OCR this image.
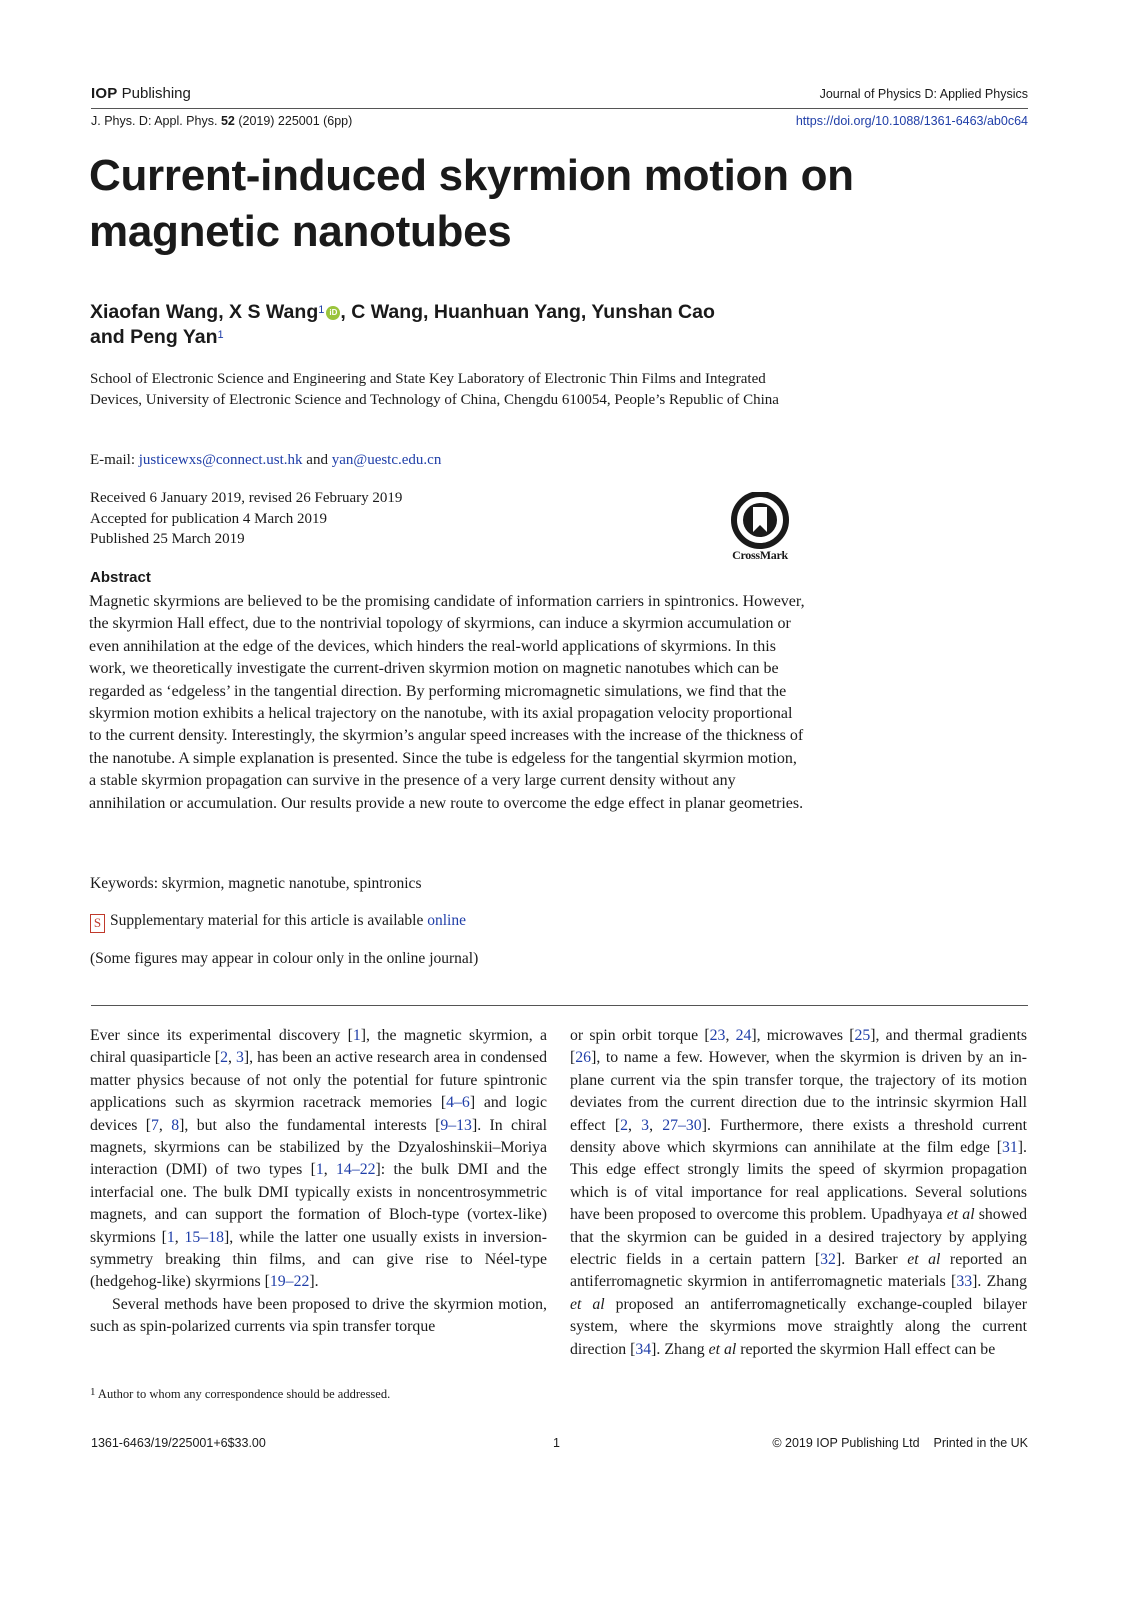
IOP Publishing	Journal of Physics D: Applied Physics
J. Phys. D: Appl. Phys. 52 (2019) 225001 (6pp)	https://doi.org/10.1088/1361-6463/ab0c64
Current-induced skyrmion motion on magnetic nanotubes
Xiaofan Wang, X S Wang$^1$ iD , C Wang, Huanhuan Yang, Yunshan Cao
and Peng Yan$^1$
School of Electronic Science and Engineering and State Key Laboratory of Electronic Thin Films and Integrated Devices, University of Electronic Science and Technology of China, Chengdu 610054, People’s Republic of China
E-mail: justicewxs@connect.ust.hk and yan@uestc.edu.cn
Received 6 January 2019, revised 26 February 2019
Accepted for publication 4 March 2019
Published 25 March 2019
CrossMark
Abstract
Magnetic skyrmions are believed to be the promising candidate of information carriers in spintronics. However, the skyrmion Hall effect, due to the nontrivial topology of skyrmions, can induce a skyrmion accumulation or even annihilation at the edge of the devices, which hinders the real-world applications of skyrmions. In this work, we theoretically investigate the current-driven skyrmion motion on magnetic nanotubes which can be regarded as ‘edgeless’ in the tangential direction. By performing micromagnetic simulations, we find that the skyrmion motion exhibits a helical trajectory on the nanotube, with its axial propagation velocity proportional to the current density. Interestingly, the skyrmion’s angular speed increases with the increase of the thickness of the nanotube. A simple explanation is presented. Since the tube is edgeless for the tangential skyrmion motion, a stable skyrmion propagation can survive in the presence of a very large current density without any annihilation or accumulation. Our results provide a new route to overcome the edge effect in planar geometries.
Keywords: skyrmion, magnetic nanotube, spintronics
S Supplementary material for this article is available online
(Some figures may appear in colour only in the online journal)

Ever since its experimental discovery [1], the magnetic skyrmion, a chiral quasiparticle [2, 3], has been an active research area in condensed matter physics because of not only the potential for future spintronic applications such as skyrmion racetrack memories [4–6] and logic devices [7, 8], but also the fundamental interests [9–13]. In chiral magnets, skyrmions can be stabilized by the Dzyaloshinskii–Moriya interaction (DMI) of two types [1, 14–22]: the bulk DMI and the interfacial one. The bulk DMI typically exists in noncentrosymmetric magnets, and can support the formation of Bloch-type (vortex-like) skyrmions [1, 15–18], while the latter one usually exists in inversion-symmetry breaking thin films, and can give rise to Néel-type (hedgehog-like) skyrmions [19–22].

Several methods have been proposed to drive the skyrmion motion, such as spin-polarized currents via spin transfer torque

or spin orbit torque [23, 24], microwaves [25], and thermal gradients [26], to name a few. However, when the skyrmion is driven by an in-plane current via the spin transfer torque, the trajectory of its motion deviates from the current direction due to the intrinsic skyrmion Hall effect [2, 3, 27–30]. Furthermore, there exists a threshold current density above which skyrmions can annihilate at the film edge [31]. This edge effect strongly limits the speed of skyrmion propagation which is of vital importance for real applications. Several solutions have been proposed to overcome this problem. Upadhyaya et al showed that the skyrmion can be guided in a desired trajectory by applying electric fields in a certain pattern [32]. Barker et al reported an antiferromagnetic skyrmion in antiferromagnetic materials [33]. Zhang et al proposed an antiferromagnetically exchange-coupled bilayer system, where the skyrmions move straightly along the current direction [34]. Zhang et al reported the skyrmion Hall effect can be

1 Author to whom any correspondence should be addressed.
1361-6463/19/225001+6$33.00	1	© 2019 IOP Publishing Ltd    Printed in the UK
